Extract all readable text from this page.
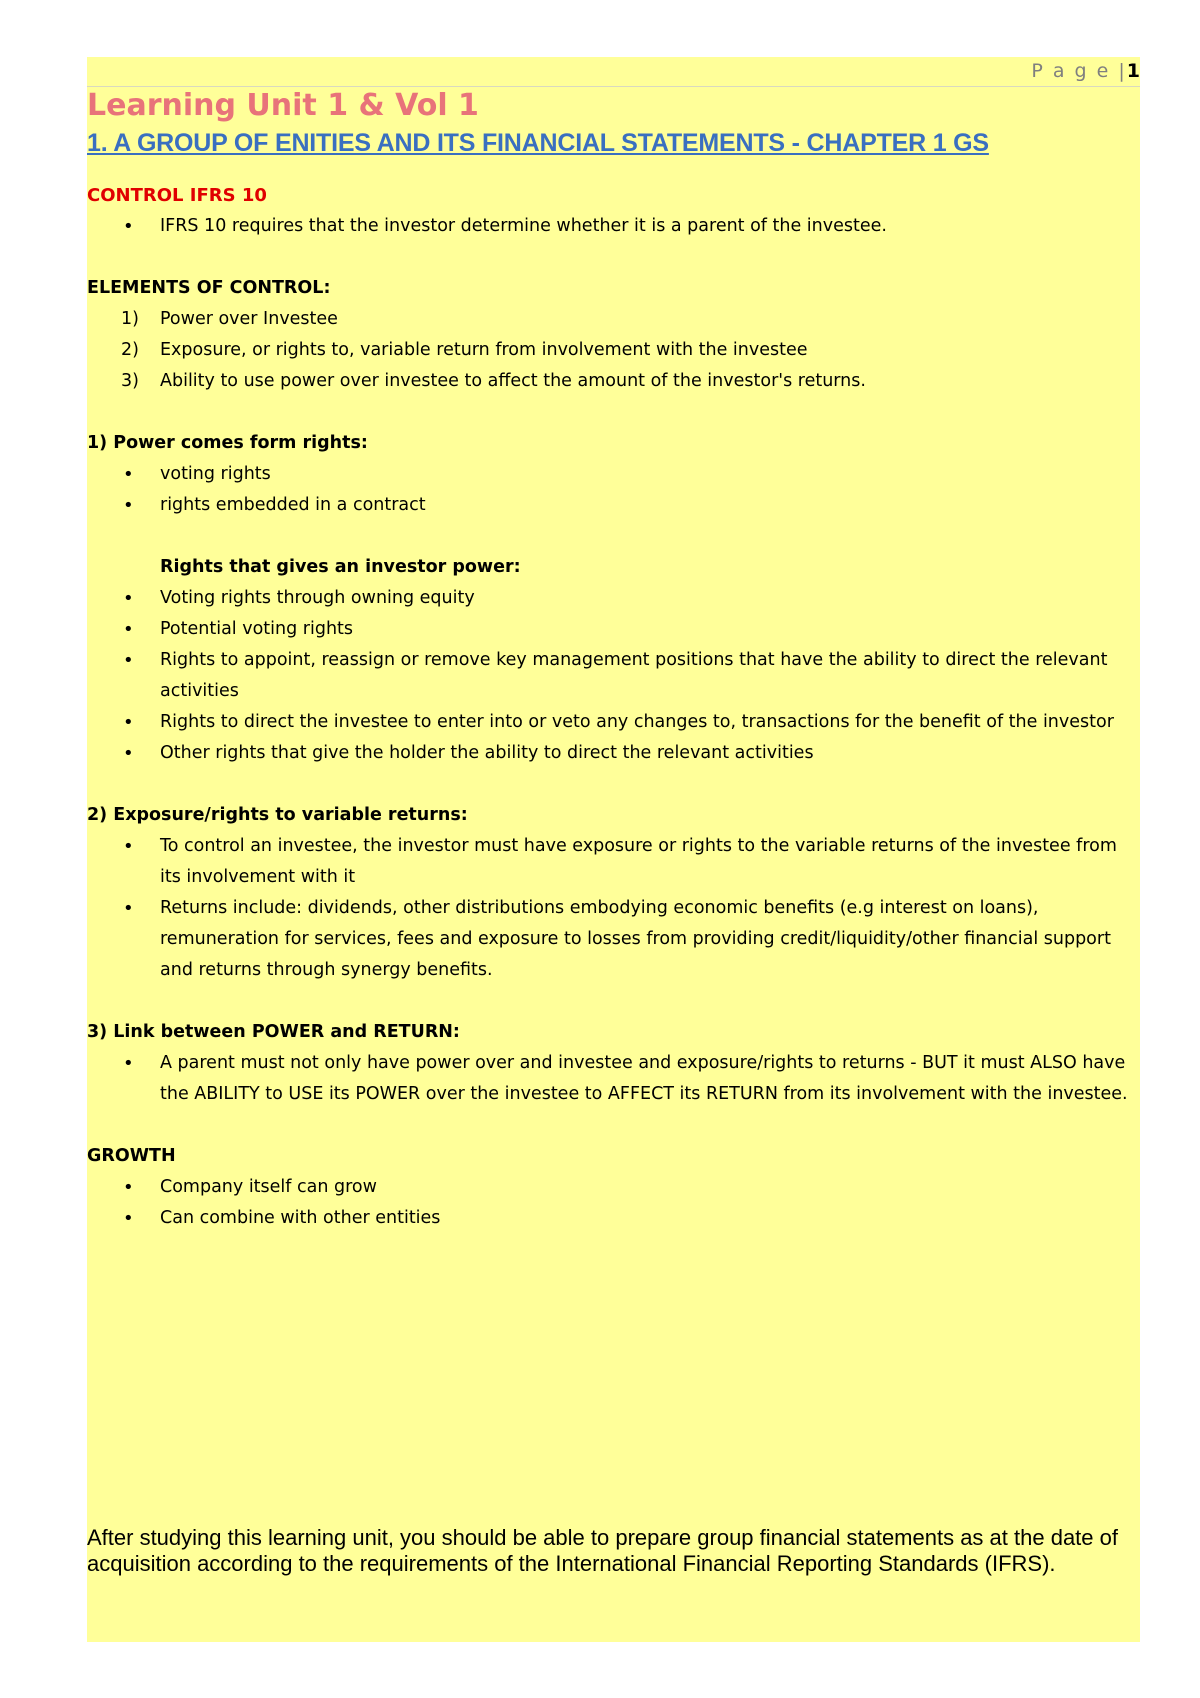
P a g e |1
Learning Unit 1 & Vol 1
1. A GROUP OF ENITIES AND ITS FINANCIAL STATEMENTS - CHAPTER 1 GS

CONTROL IFRS 10

• IFRS 10 requires that the investor determine whether it is a parent of the investee.

ELEMENTS OF CONTROL:

1) Power over Investee
2) Exposure, or rights to, variable return from involvement with the investee
3) Ability to use power over investee to affect the amount of the investor's returns.

1) Power comes form rights:

• voting rights
• rights embedded in a contract

Rights that gives an investor power:

• Voting rights through owning equity
• Potential voting rights
• Rights to appoint, reassign or remove key management positions that have the ability to direct the relevant activities
• Rights to direct the investee to enter into or veto any changes to, transactions for the benefit of the investor
• Other rights that give the holder the ability to direct the relevant activities

2) Exposure/rights to variable returns:

• To control an investee, the investor must have exposure or rights to the variable returns of the investee from its involvement with it
• Returns include: dividends, other distributions embodying economic benefits (e.g interest on loans), remuneration for services, fees and exposure to losses from providing credit/liquidity/other financial support and returns through synergy benefits.

3) Link between POWER and RETURN:

• A parent must not only have power over and investee and exposure/rights to returns - BUT it must ALSO have the ABILITY to USE its POWER over the investee to AFFECT its RETURN from its involvement with the investee.

GROWTH

• Company itself can grow
• Can combine with other entities
After studying this learning unit, you should be able to prepare group financial statements as at the date of acquisition according to the requirements of the International Financial Reporting Standards (IFRS).
